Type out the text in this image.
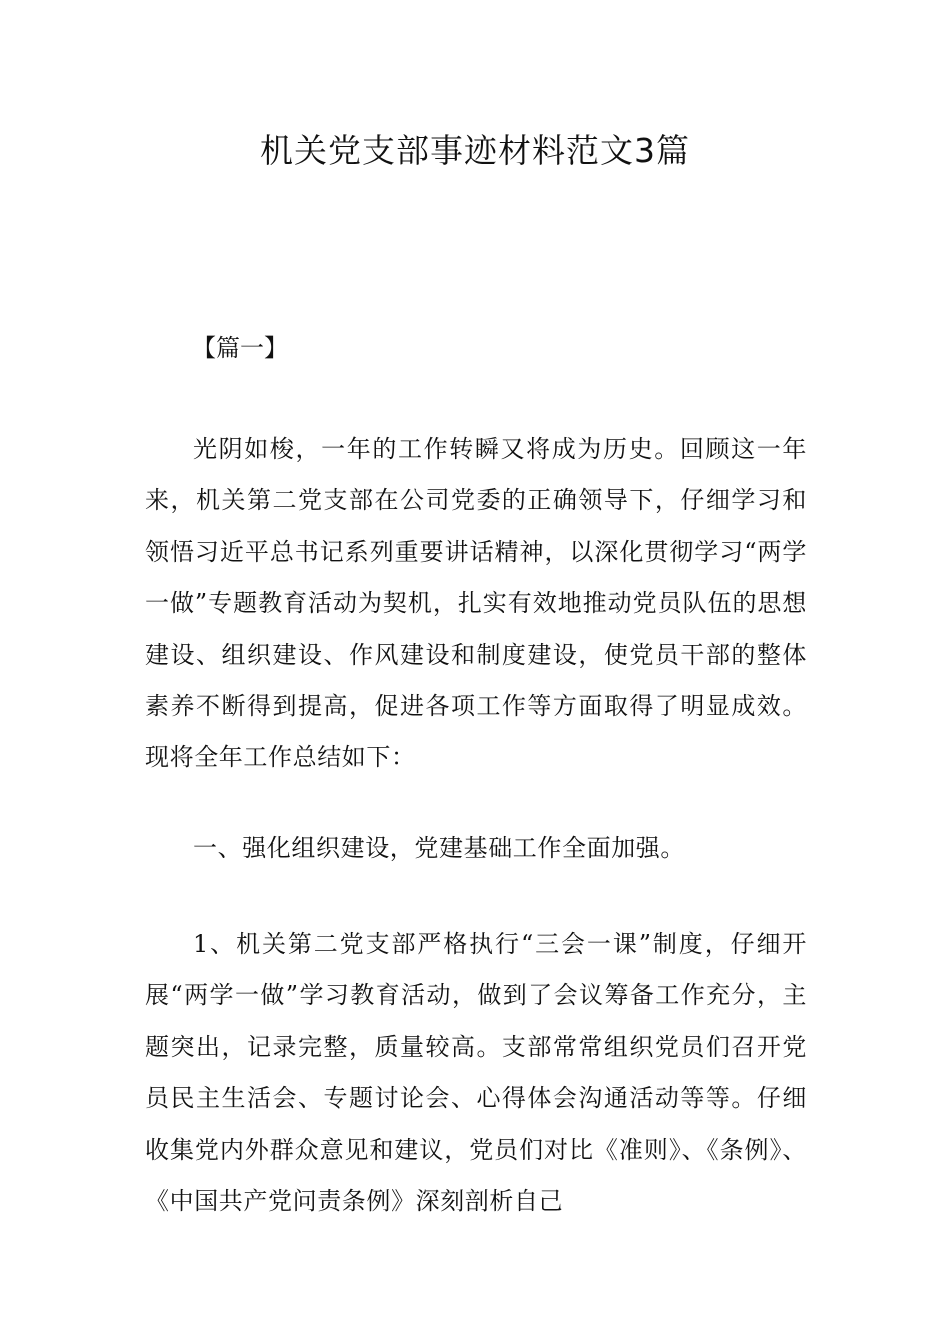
机关党支部事迹材料范文3篇
【篇一】

光阴如梭，一年的工作转瞬又将成为历史。回顾这一年来，机关第二党支部在公司党委的正确领导下，仔细学习和领悟习近平总书记系列重要讲话精神，以深化贯彻学习“两学一做”专题教育活动为契机，扎实有效地推动党员队伍的思想建设、组织建设、作风建设和制度建设，使党员干部的整体素养不断得到提高，促进各项工作等方面取得了明显成效。现将全年工作总结如下：

一、强化组织建设，党建基础工作全面加强。

1、机关第二党支部严格执行“三会一课”制度，仔细开展“两学一做”学习教育活动，做到了会议筹备工作充分，主题突出，记录完整，质量较高。支部常常组织党员们召开党员民主生活会、专题讨论会、心得体会沟通活动等等。仔细收集党内外群众意见和建议，党员们对比《准则》、《条例》、《中国共产党问责条例》深刻剖析自己
